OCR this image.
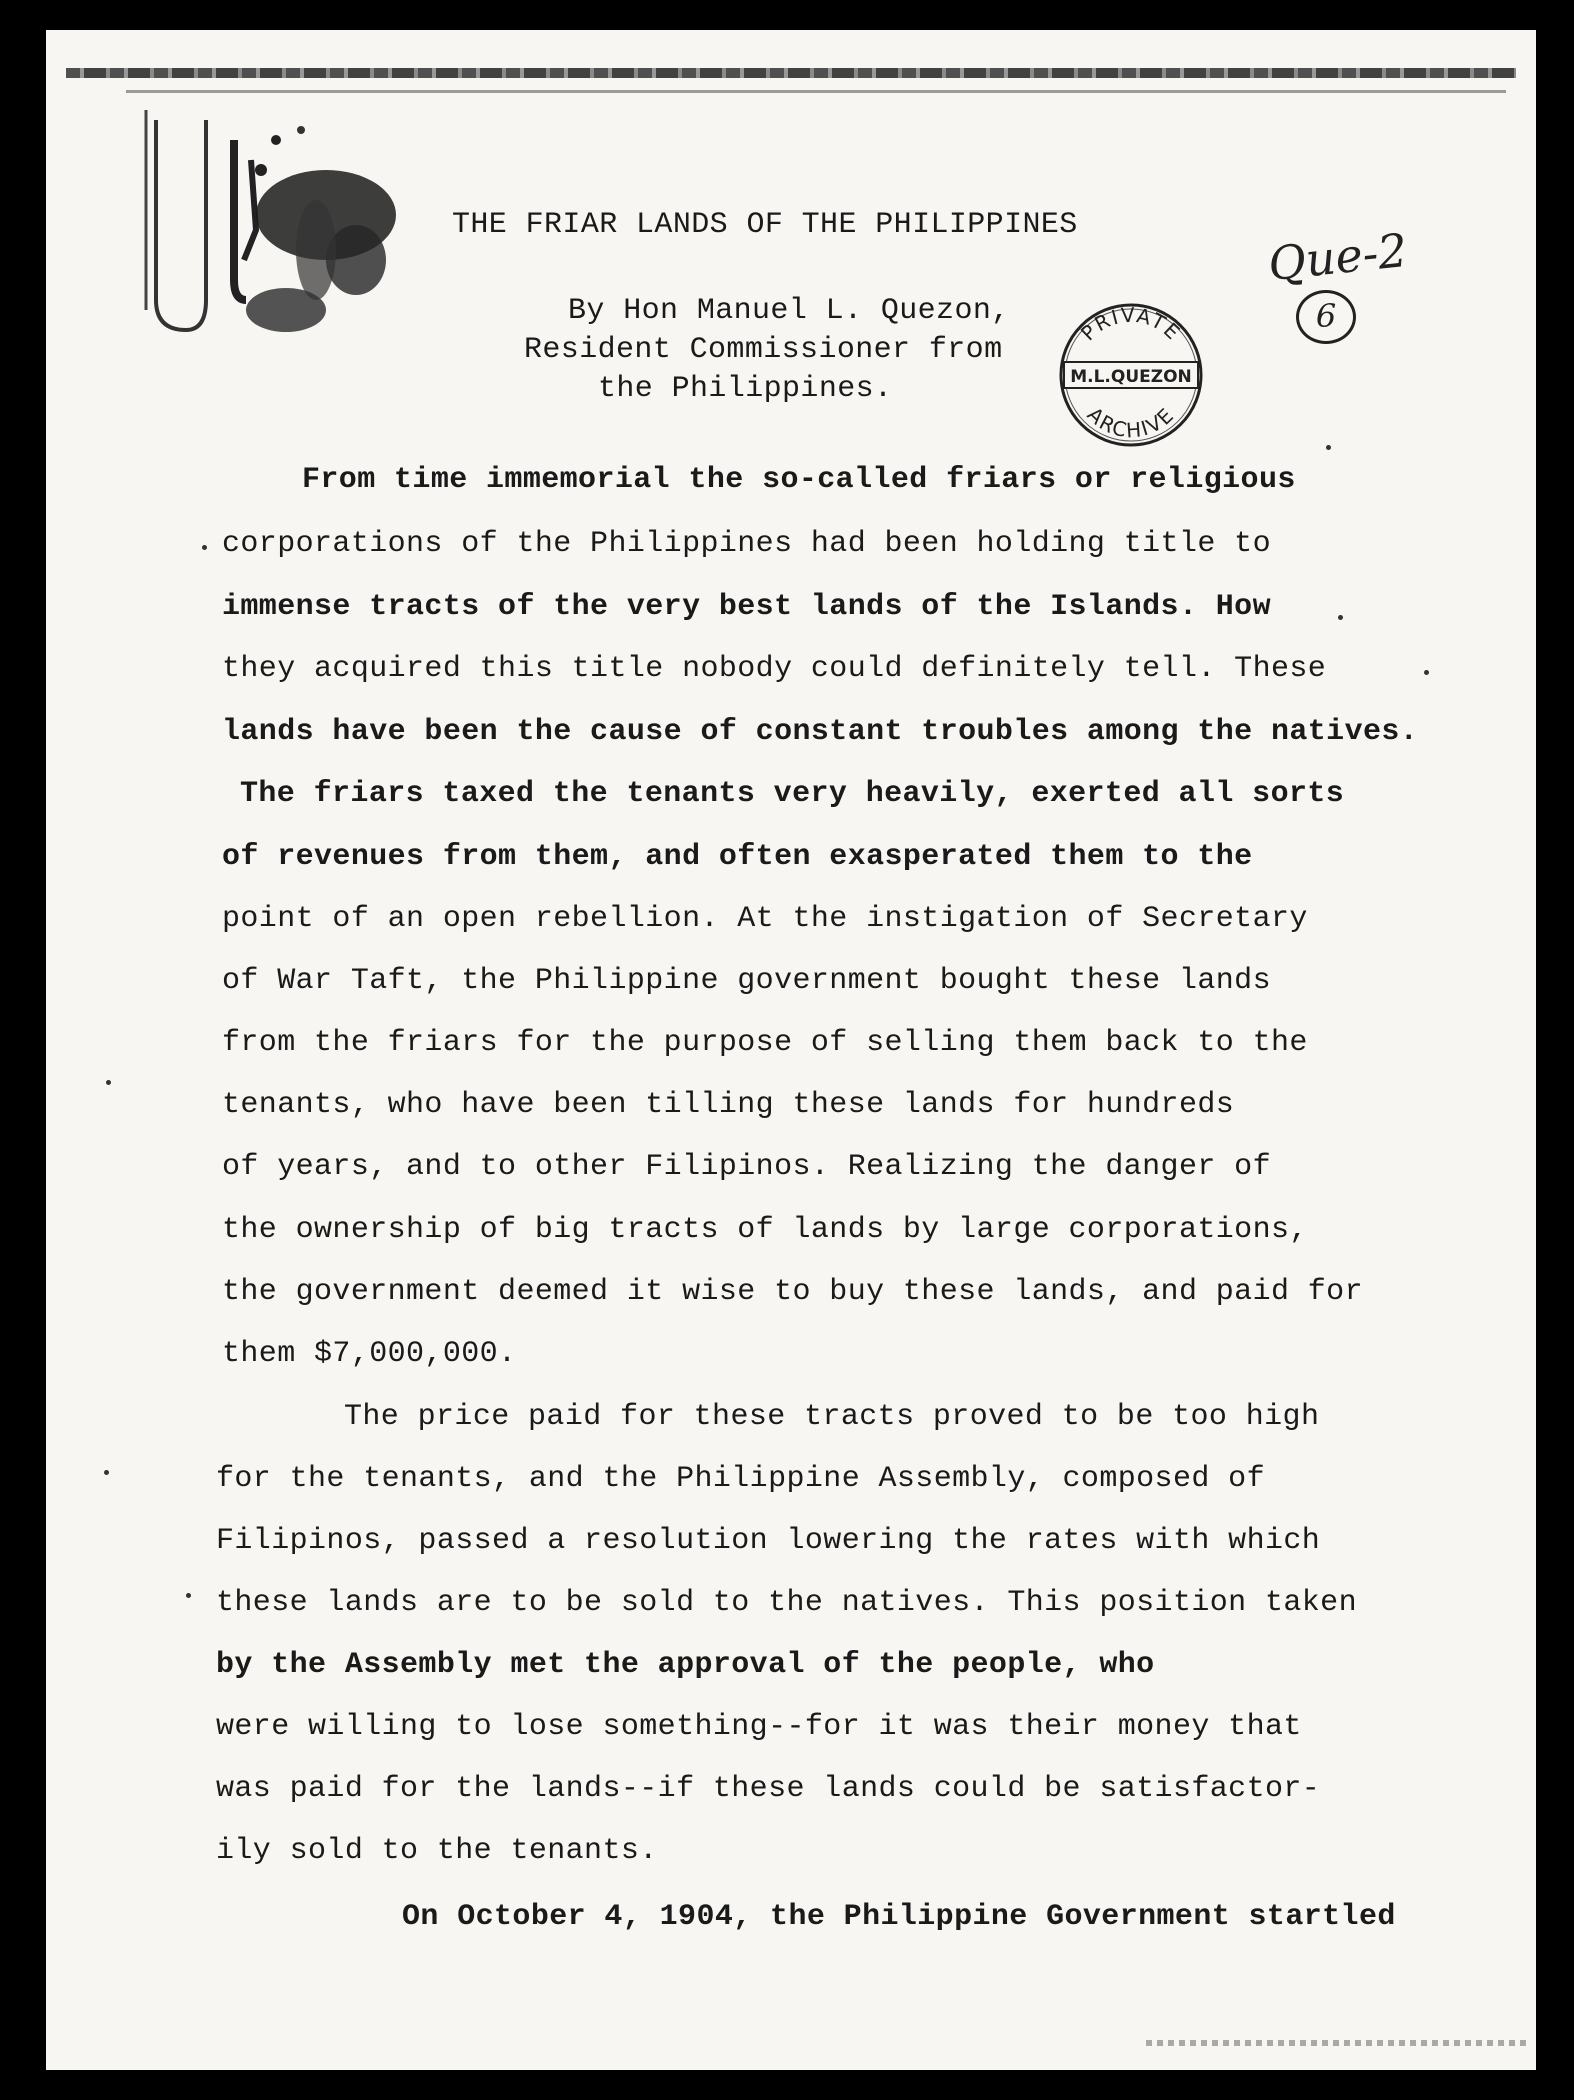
THE FRIAR LANDS OF THE PHILIPPINES
By Hon Manuel L. Quezon,
Resident Commissioner from
the Philippines.
Que-2
6
PRIVATE
M.L.QUEZON
ARCHIVE
From time immemorial the so-called friars or religious
corporations of the Philippines had been holding title to
immense tracts of the very best lands of the Islands. How
they acquired this title nobody could definitely tell. These
lands have been the cause of constant troubles among the natives.
The friars taxed the tenants very heavily, exerted all sorts
of revenues from them, and often exasperated them to the
point of an open rebellion. At the instigation of Secretary
of War Taft, the Philippine government bought these lands
from the friars for the purpose of selling them back to the
tenants, who have been tilling these lands for hundreds
of years, and to other Filipinos. Realizing the danger of
the ownership of big tracts of lands by large corporations,
the government deemed it wise to buy these lands, and paid for
them $7,000,000.
The price paid for these tracts proved to be too high
for the tenants, and the Philippine Assembly, composed of
Filipinos, passed a resolution lowering the rates with which
these lands are to be sold to the natives. This position taken
by the Assembly met the approval of the people, who
were willing to lose something--for it was their money that
was paid for the lands--if these lands could be satisfactor-
ily sold to the tenants.
On October 4, 1904, the Philippine Government startled
